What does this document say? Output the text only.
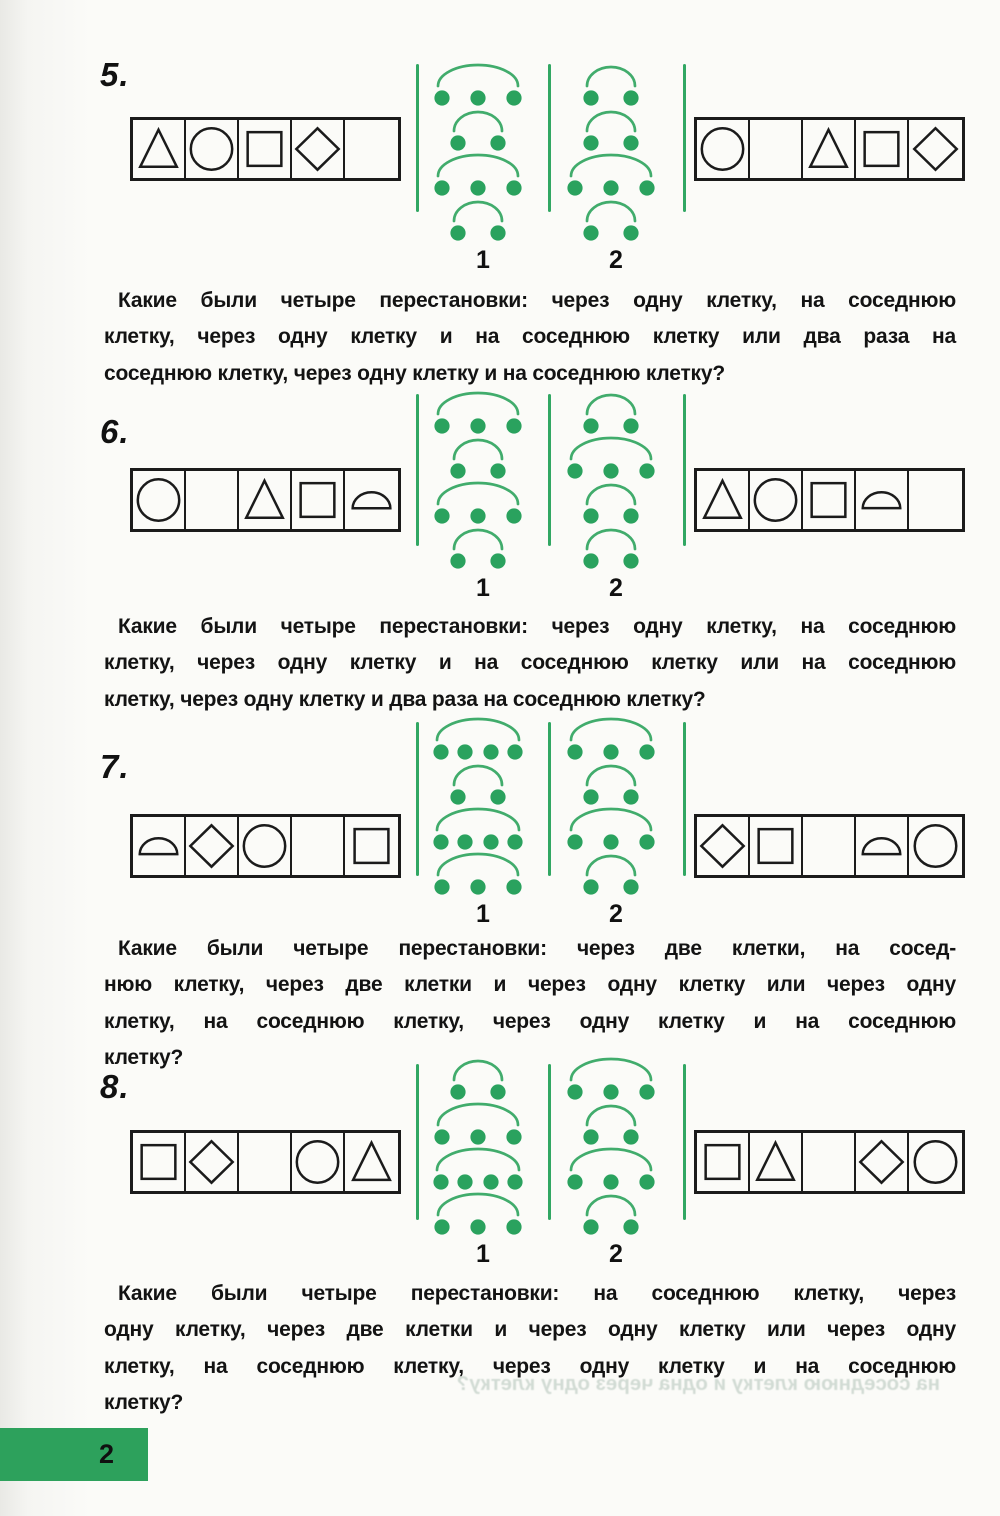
5.
1	2
Какие были четыре перестановки: через одну клетку, на соседнюю
клетку, через одну клетку и на соседнюю клетку или два раза на
соседнюю клетку, через одну клетку и на соседнюю клетку?
6.
1	2
Какие были четыре перестановки: через одну клетку, на соседнюю
клетку, через одну клетку и на соседнюю клетку или на соседнюю
клетку, через одну клетку и два раза на соседнюю клетку?
7.
1	2
Какие были четыре перестановки: через две клетки, на сосед-
нюю клетку, через две клетки и через одну клетку или через одну
клетку, на соседнюю клетку, через одну клетку и на соседнюю
клетку?
8.
1	2
Какие были четыре перестановки: на соседнюю клетку, через
одну клетку, через две клетки и через одну клетку или через одну
клетку, на соседнюю клетку, через одну клетку и на соседнюю
клетку?
на соседнюю клетку и одна через одну клетку?
2
